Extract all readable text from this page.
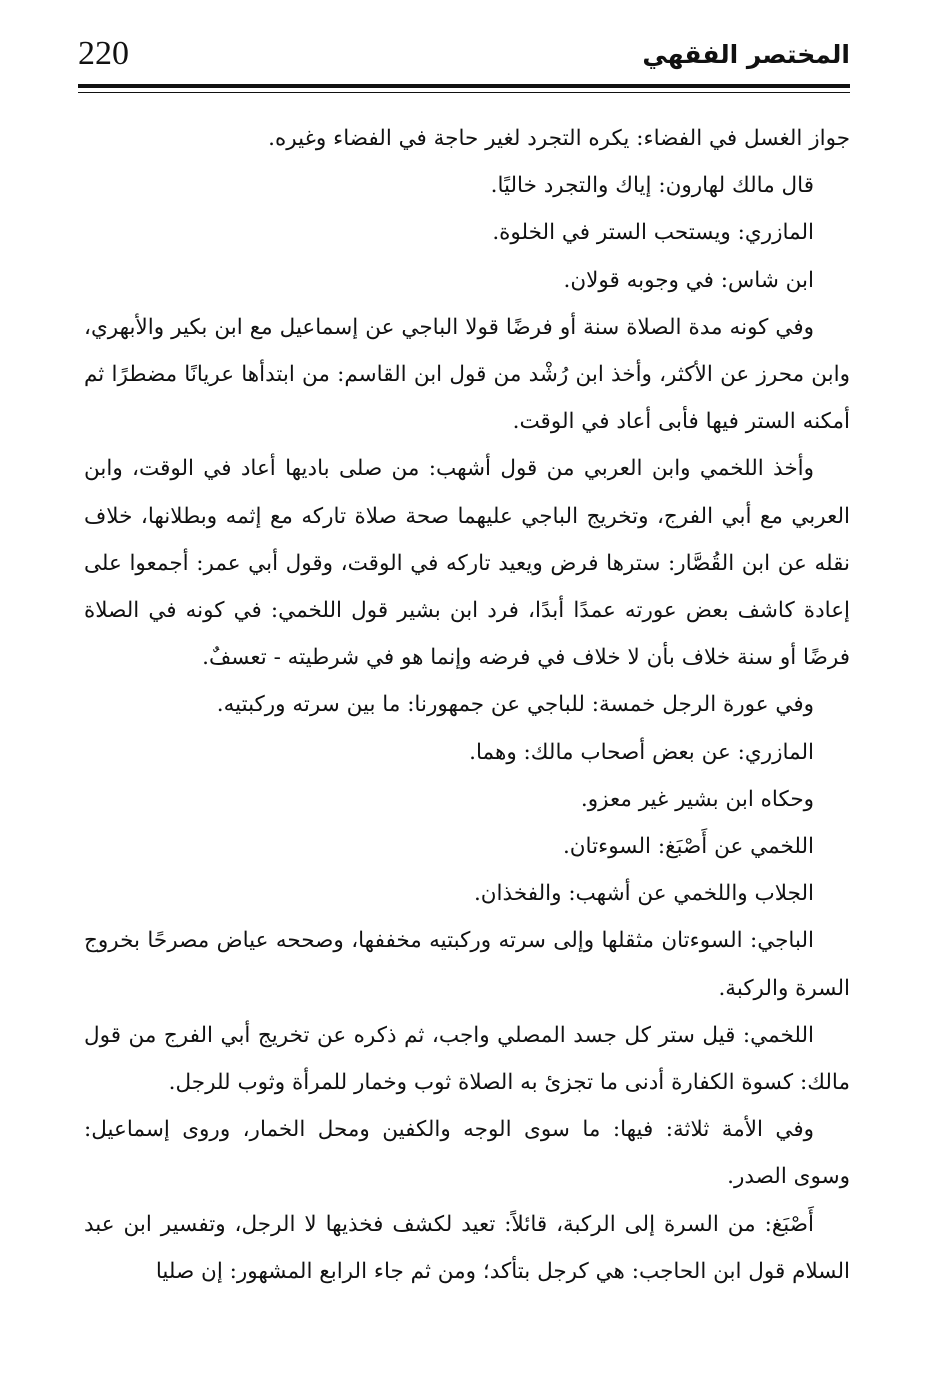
220	المختصر الفقهي

جواز الغسل في الفضاء: يكره التجرد لغير حاجة في الفضاء وغيره.

قال مالك لهارون: إياك والتجرد خاليًا.

المازري: ويستحب الستر في الخلوة.

ابن شاس: في وجوبه قولان.

وفي كونه مدة الصلاة سنة أو فرضًا قولا الباجي عن إسماعيل مع ابن بكير والأبهري، وابن محرز عن الأكثر، وأخذ ابن رُشْد من قول ابن القاسم: من ابتدأها عريانًا مضطرًا ثم أمكنه الستر فيها فأبى أعاد في الوقت.

وأخذ اللخمي وابن العربي من قول أشهب: من صلى باديها أعاد في الوقت، وابن العربي مع أبي الفرج، وتخريج الباجي عليهما صحة صلاة تاركه مع إثمه وبطلانها، خلاف نقله عن ابن القُصَّار: سترها فرض ويعيد تاركه في الوقت، وقول أبي عمر: أجمعوا على إعادة كاشف بعض عورته عمدًا أبدًا، فرد ابن بشير قول اللخمي: في كونه في الصلاة فرضًا أو سنة خلاف بأن لا خلاف في فرضه وإنما هو في شرطيته - تعسفٌ.

وفي عورة الرجل خمسة: للباجي عن جمهورنا: ما بين سرته وركبتيه.

المازري: عن بعض أصحاب مالك: وهما.

وحكاه ابن بشير غير معزو.

اللخمي عن أَصْبَغ: السوءتان.

الجلاب واللخمي عن أشهب: والفخذان.

الباجي: السوءتان مثقلها وإلى سرته وركبتيه مخففها، وصححه عياض مصرحًا بخروج السرة والركبة.

اللخمي: قيل ستر كل جسد المصلي واجب، ثم ذكره عن تخريج أبي الفرج من قول مالك: كسوة الكفارة أدنى ما تجزئ به الصلاة ثوب وخمار للمرأة وثوب للرجل.

وفي الأمة ثلاثة: فيها: ما سوى الوجه والكفين ومحل الخمار، وروى إسماعيل: وسوى الصدر.

أَصْبَغ: من السرة إلى الركبة، قائلاً: تعيد لكشف فخذيها لا الرجل، وتفسير ابن عبد السلام قول ابن الحاجب: هي كرجل بتأكد؛ ومن ثم جاء الرابع المشهور: إن صليا
